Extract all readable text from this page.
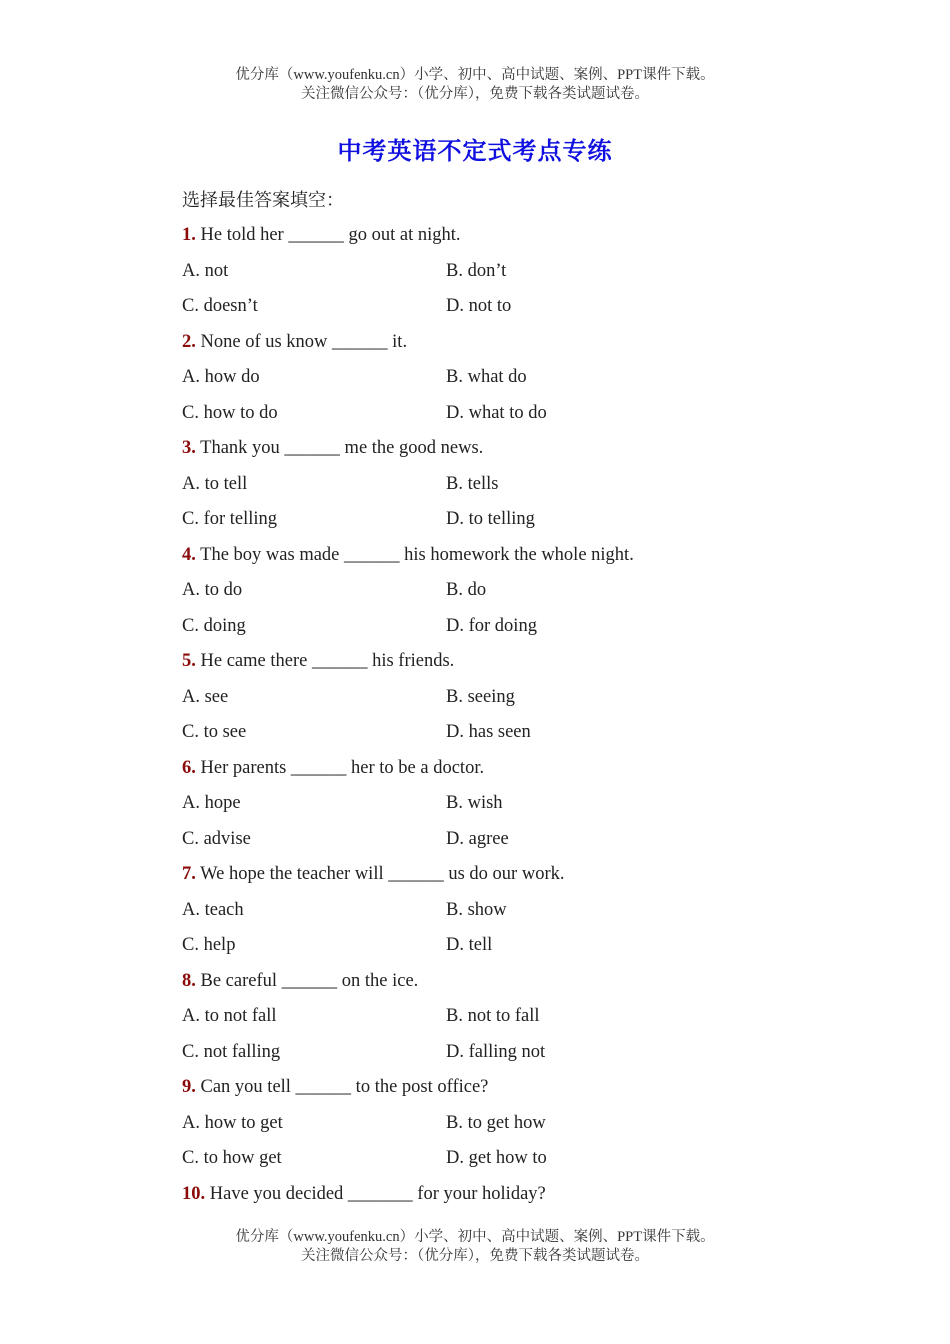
优分库（www.youfenku.cn）小学、初中、高中试题、案例、PPT课件下载。
关注微信公众号：（优分库），免费下载各类试题试卷。
中考英语不定式考点专练
选择最佳答案填空：
1. He told her ______ go out at night.
A. not	B. don’t
C. doesn’t	D. not to
2. None of us know ______ it.
A. how do	B. what do
C. how to do	D. what to do
3. Thank you ______ me the good news.
A. to tell	B. tells
C. for telling	D. to telling
4. The boy was made ______ his homework the whole night.
A. to do	B. do
C. doing	D. for doing
5. He came there ______ his friends.
A. see	B. seeing
C. to see	D. has seen
6. Her parents ______ her to be a doctor.
A. hope	B. wish
C. advise	D. agree
7. We hope the teacher will ______ us do our work.
A. teach	B. show
C. help	D. tell
8. Be careful ______ on the ice.
A. to not fall	B. not to fall
C. not falling	D. falling not
9. Can you tell ______ to the post office?
A. how to get	B. to get how
C. to how get	D. get how to
10. Have you decided _______ for your holiday?
优分库（www.youfenku.cn）小学、初中、高中试题、案例、PPT课件下载。
关注微信公众号：（优分库），免费下载各类试题试卷。
